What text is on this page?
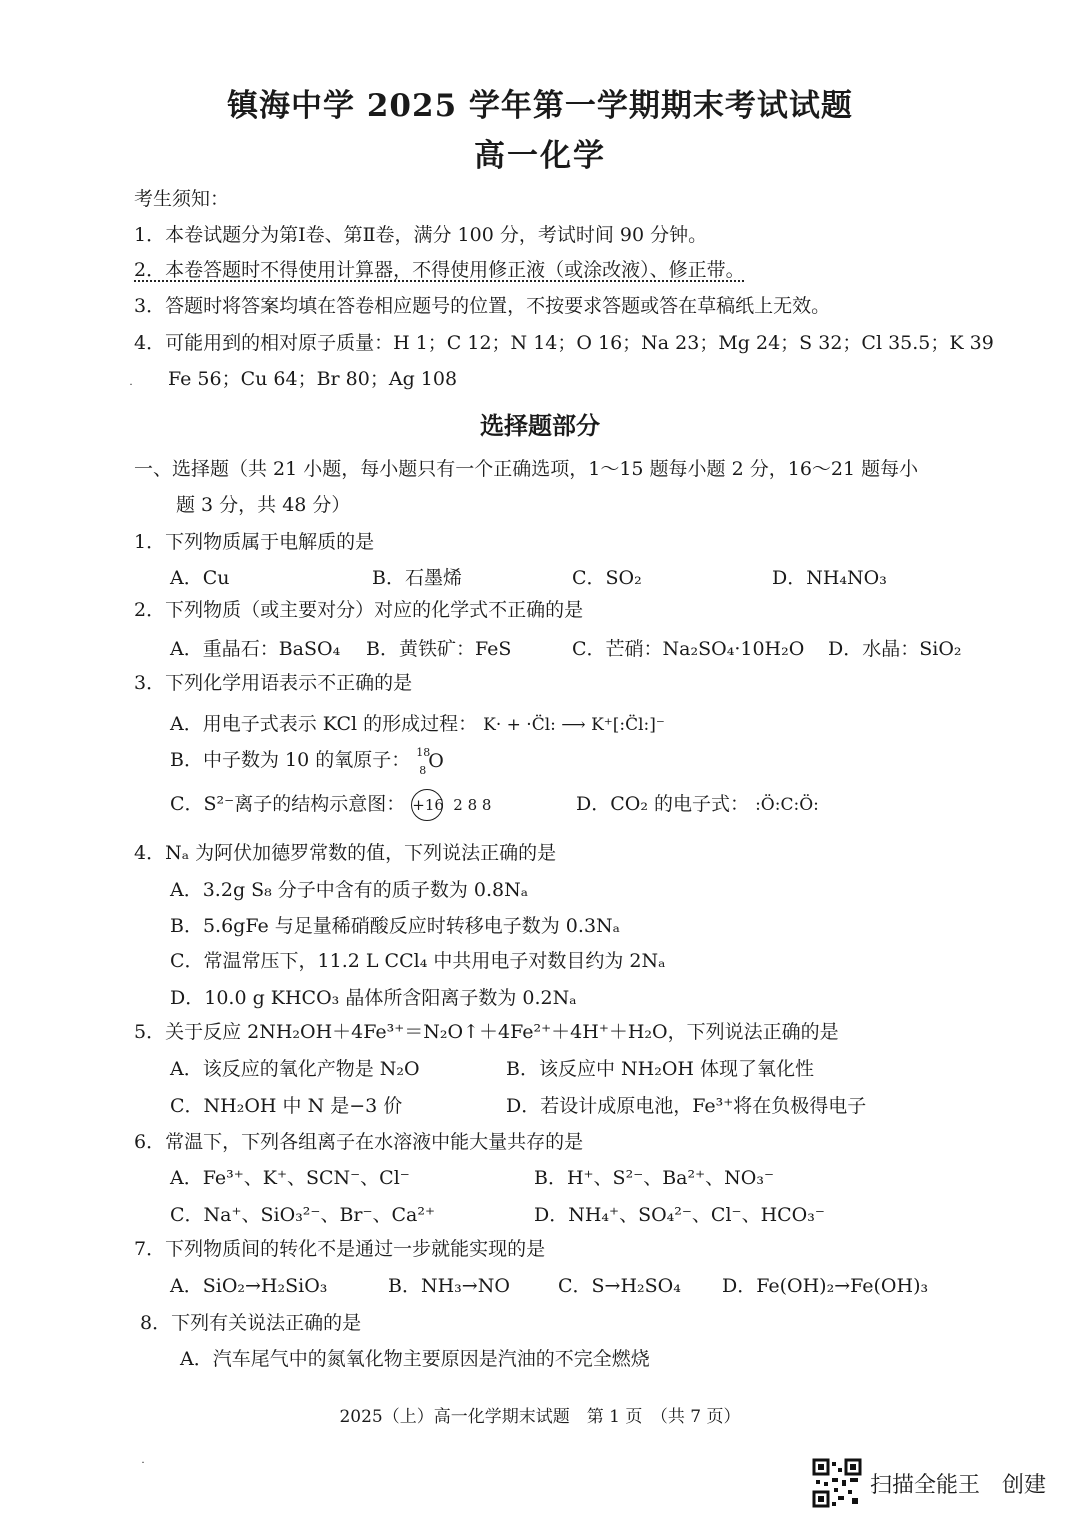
镇海中学 2025 学年第一学期期末考试试题
高一化学
考生须知：
1．本卷试题分为第Ⅰ卷、第Ⅱ卷，满分 100 分，考试时间 90 分钟。
2．本卷答题时不得使用计算器，不得使用修正液（或涂改液）、修正带。
3．答题时将答案均填在答卷相应题号的位置，不按要求答题或答在草稿纸上无效。
4．可能用到的相对原子质量：H 1；C 12；N 14；O 16；Na 23；Mg 24；S 32；Cl 35.5；K 39
Fe 56；Cu 64；Br 80；Ag 108
选择题部分
一、选择题（共 21 小题，每小题只有一个正确选项，1～15 题每小题 2 分，16～21 题每小
题 3 分，共 48 分）
1．下列物质属于电解质的是
A．Cu	B．石墨烯	C．SO₂	D．NH₄NO₃
2．下列物质（或主要对分）对应的化学式不正确的是
A．重晶石：BaSO₄ B．黄铁矿：FeS	C．芒硝：Na₂SO₄·10H₂O D．水晶：SiO₂
3．下列化学用语表示不正确的是
A．用电子式表示 KCl 的形成过程： K· + ·C̈l: ⟶ K⁺[:C̈l:]⁻
B．中子数为 10 的氧原子： 18
8 O
C．S²⁻离子的结构示意图： +16 2 8 8	D．CO₂ 的电子式： :Ö:C:Ö:
4．Nₐ 为阿伏加德罗常数的值，下列说法正确的是
A．3.2g S₈ 分子中含有的质子数为 0.8Nₐ
B．5.6gFe 与足量稀硝酸反应时转移电子数为 0.3Nₐ
C．常温常压下，11.2 L CCl₄ 中共用电子对数目约为 2Nₐ
D．10.0 g KHCO₃ 晶体所含阳离子数为 0.2Nₐ
5．关于反应 2NH₂OH＋4Fe³⁺＝N₂O↑＋4Fe²⁺＋4H⁺＋H₂O，下列说法正确的是
A．该反应的氧化产物是 N₂O	B．该反应中 NH₂OH 体现了氧化性
C．NH₂OH 中 N 是−3 价	D．若设计成原电池，Fe³⁺将在负极得电子
6．常温下，下列各组离子在水溶液中能大量共存的是
A．Fe³⁺、K⁺、SCN⁻、Cl⁻	B．H⁺、S²⁻、Ba²⁺、NO₃⁻
C．Na⁺、SiO₃²⁻、Br⁻、Ca²⁺	D．NH₄⁺、SO₄²⁻、Cl⁻、HCO₃⁻
7．下列物质间的转化不是通过一步就能实现的是
A．SiO₂→H₂SiO₃	B．NH₃→NO	C．S→H₂SO₄ D．Fe(OH)₂→Fe(OH)₃
8．下列有关说法正确的是
A．汽车尾气中的氮氧化物主要原因是汽油的不完全燃烧
2025（上）高一化学期末试题　第 1 页　（共 7 页）
˙
˙
扫描全能王　创建
